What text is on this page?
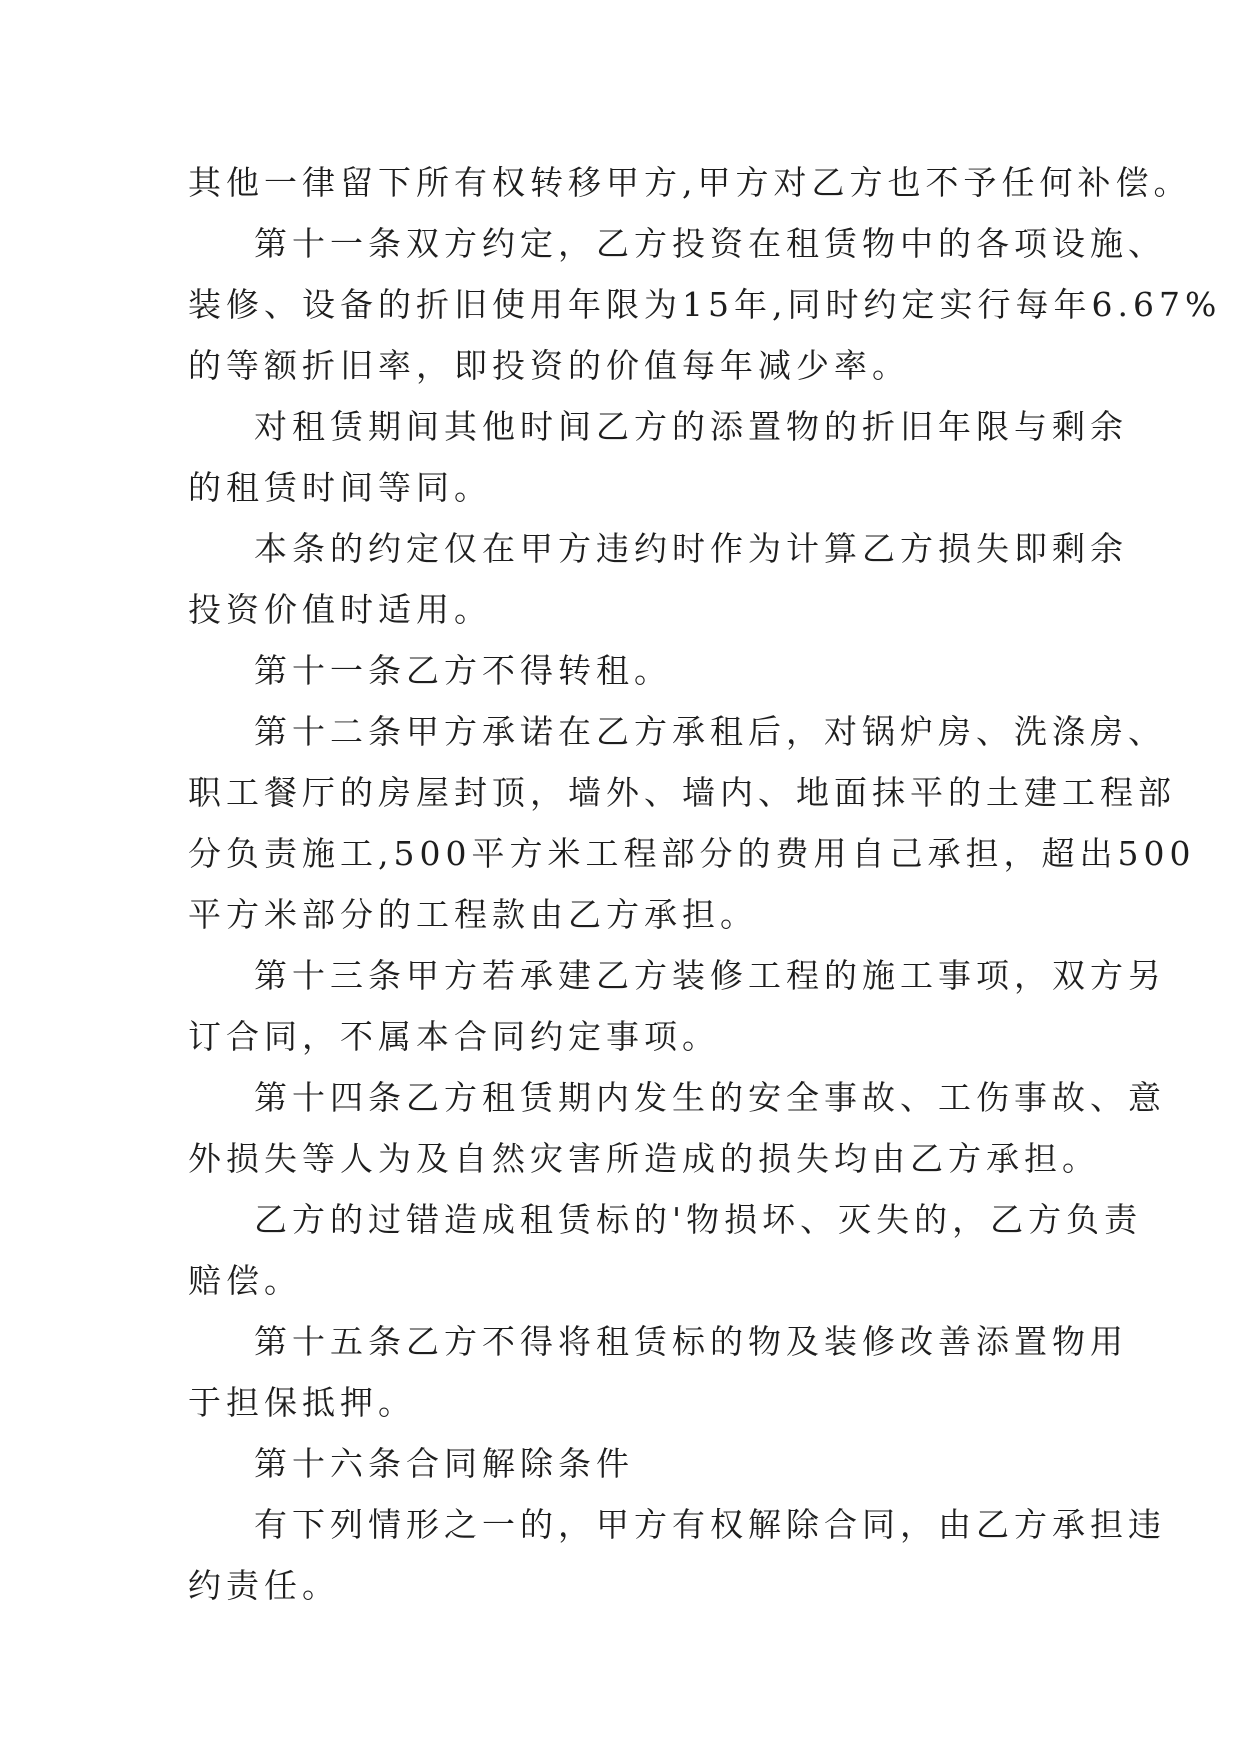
其他一律留下所有权转移甲方,甲方对乙方也不予任何补偿。
第十一条双方约定，乙方投资在租赁物中的各项设施、
装修、设备的折旧使用年限为15年,同时约定实行每年6.67%
的等额折旧率，即投资的价值每年减少率。
对租赁期间其他时间乙方的添置物的折旧年限与剩余
的租赁时间等同。
本条的约定仅在甲方违约时作为计算乙方损失即剩余
投资价值时适用。
第十一条乙方不得转租。
第十二条甲方承诺在乙方承租后，对锅炉房、洗涤房、
职工餐厅的房屋封顶，墙外、墙内、地面抹平的土建工程部
分负责施工,500平方米工程部分的费用自己承担，超出500
平方米部分的工程款由乙方承担。
第十三条甲方若承建乙方装修工程的施工事项，双方另
订合同，不属本合同约定事项。
第十四条乙方租赁期内发生的安全事故、工伤事故、意
外损失等人为及自然灾害所造成的损失均由乙方承担。
乙方的过错造成租赁标的'物损坏、灭失的，乙方负责
赔偿。
第十五条乙方不得将租赁标的物及装修改善添置物用
于担保抵押。
第十六条合同解除条件
有下列情形之一的，甲方有权解除合同，由乙方承担违
约责任。
